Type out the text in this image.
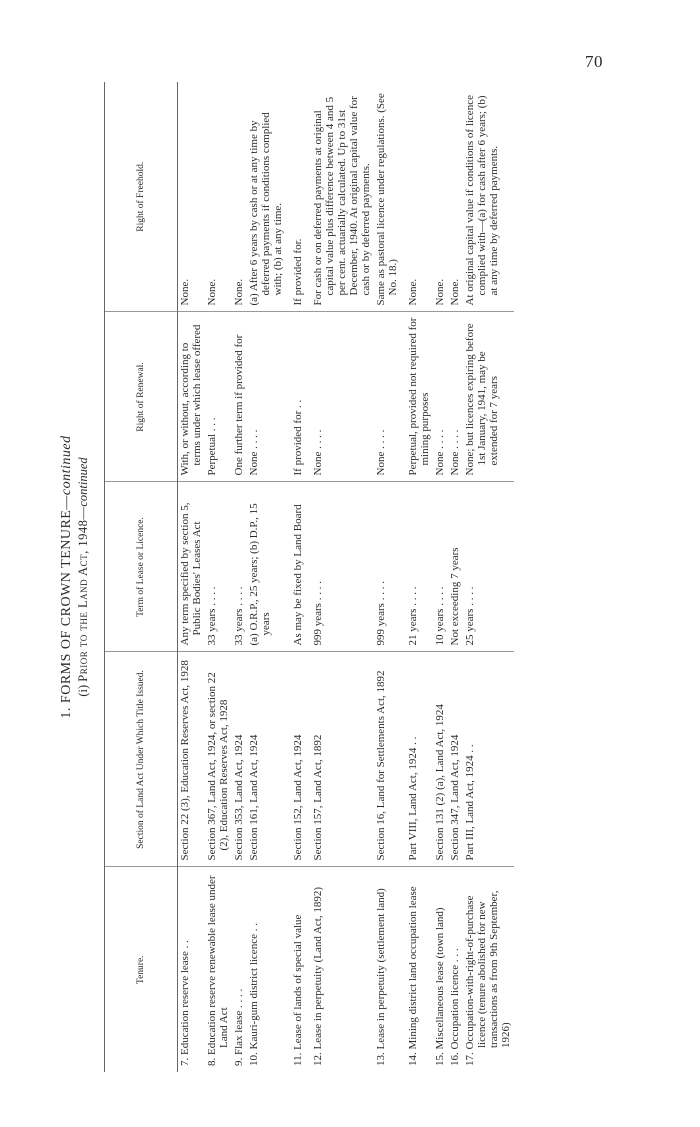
70
1. FORMS OF CROWN TENURE—continued
(i) Prior to the Land Act, 1948—continued
Tenure.	Section of Land Act Under Which Title Issued.	Term of Lease or Licence.	Right of Renewal.	Right of Freehold.
7. Education reserve lease . .	Section 22 (3), Education Reserves Act, 1928	Any term specified by section 5, Public Bodies' Leases Act	With, or without, according to terms under which lease offered	None.
8. Education reserve renewable lease under Land Act	Section 367, Land Act, 1924, or section 22 (2), Education Reserves Act, 1928	33 years . . . .	Perpetual . . .	None.
9. Flax lease . . . .	Section 353, Land Act, 1924	33 years . . . .	One further term if provided for	None.
10. Kauri-gum district licence . .	Section 161, Land Act, 1924	(a) O.R.P., 25 years; (b) D.P., 15 years	None . . . .	(a) After 6 years by cash or at any time by deferred payments if conditions complied with; (b) at any time.
11. Lease of lands of special value	Section 152, Land Act, 1924	As may be fixed by Land Board	If provided for . .	If provided for.
12. Lease in perpetuity (Land Act, 1892)	Section 157, Land Act, 1892	999 years . . . .	None . . . .	For cash or on deferred payments at original capital value plus difference between 4 and 5 per cent. actuarially calculated. Up to 31st December, 1940. At original capital value for cash or by deferred payments.
13. Lease in perpetuity (settlement land)	Section 16, Land for Settlements Act, 1892	999 years . . . .	None . . . .	Same as pastoral licence under regulations. (See No. 18.)
14. Mining district land occupation lease	Part VIII, Land Act, 1924 . .	21 years . . . .	Perpetual, provided not required for mining purposes	None.
15. Miscellaneous lease (town land)	Section 131 (2) (a), Land Act, 1924	10 years . . . .	None . . . .	None.
16. Occupation licence . . .	Section 347, Land Act, 1924	Not exceeding 7 years	None . . . .	None.
17. Occupation-with-right-of-purchase licence (tenure abolished for new transactions as from 9th September, 1926)	Part III, Land Act, 1924 . .	25 years . . . .	None; but licences expiring before 1st January, 1941, may be extended for 7 years	At original capital value if conditions of licence complied with—(a) for cash after 6 years; (b) at any time by deferred payments.
